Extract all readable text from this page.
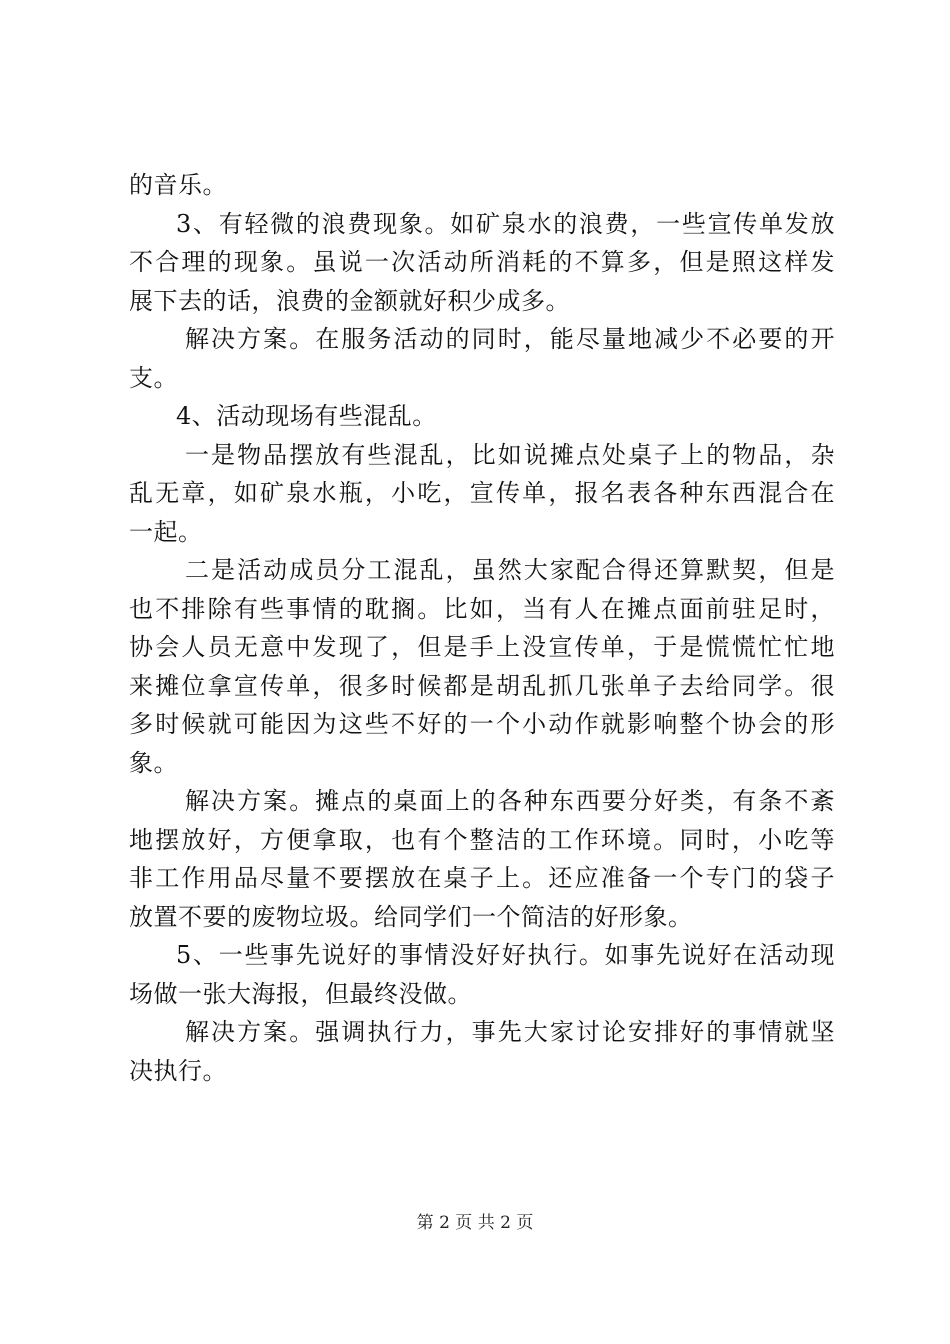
的音乐。
3、有轻微的浪费现象。如矿泉水的浪费，一些宣传单发放
不合理的现象。虽说一次活动所消耗的不算多，但是照这样发
展下去的话，浪费的金额就好积少成多。
解决方案。在服务活动的同时，能尽量地减少不必要的开
支。
4、活动现场有些混乱。
一是物品摆放有些混乱，比如说摊点处桌子上的物品，杂
乱无章，如矿泉水瓶，小吃，宣传单，报名表各种东西混合在
一起。
二是活动成员分工混乱，虽然大家配合得还算默契，但是
也不排除有些事情的耽搁。比如，当有人在摊点面前驻足时，
协会人员无意中发现了，但是手上没宣传单，于是慌慌忙忙地
来摊位拿宣传单，很多时候都是胡乱抓几张单子去给同学。很
多时候就可能因为这些不好的一个小动作就影响整个协会的形
象。
解决方案。摊点的桌面上的各种东西要分好类，有条不紊
地摆放好，方便拿取，也有个整洁的工作环境。同时，小吃等
非工作用品尽量不要摆放在桌子上。还应准备一个专门的袋子
放置不要的废物垃圾。给同学们一个简洁的好形象。
5、一些事先说好的事情没好好执行。如事先说好在活动现
场做一张大海报，但最终没做。
解决方案。强调执行力，事先大家讨论安排好的事情就坚
决执行。
第 2 页 共 2 页
